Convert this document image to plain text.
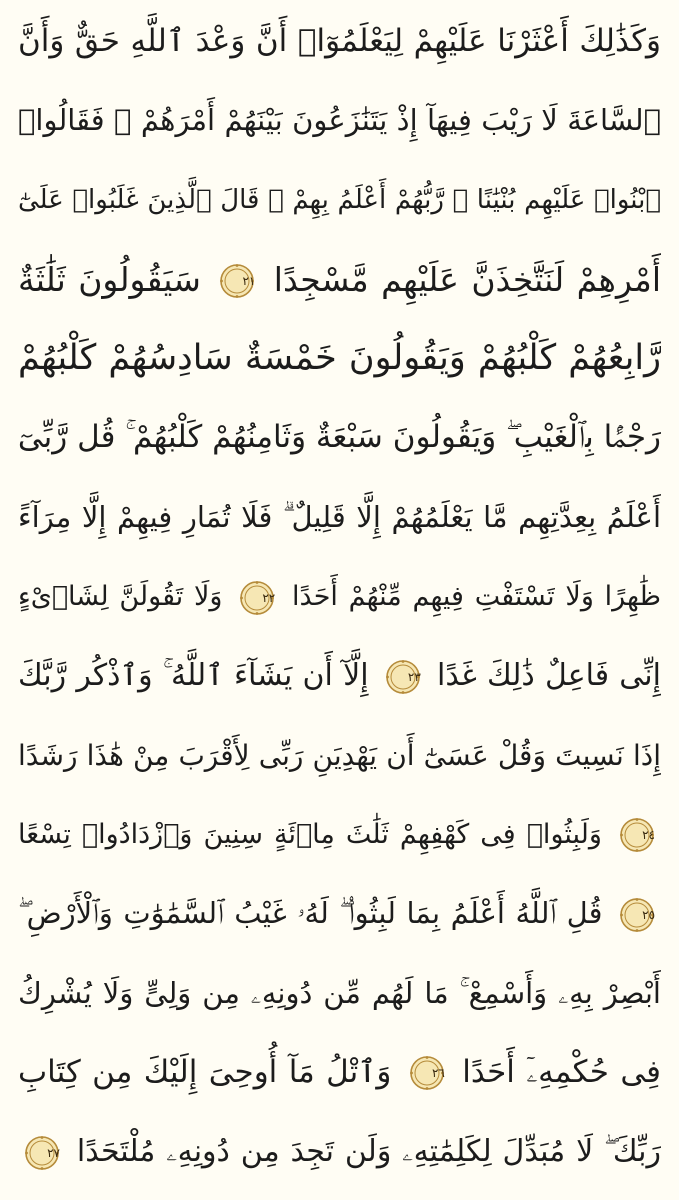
وَكَذَٰلِكَ أَعْثَرْنَا عَلَيْهِمْ لِيَعْلَمُوٓا۟ أَنَّ وَعْدَ ٱللَّهِ حَقٌّ وَأَنَّ
ٱلسَّاعَةَ لَا رَيْبَ فِيهَآ إِذْ يَتَنَٰزَعُونَ بَيْنَهُمْ أَمْرَهُمْ ۖ فَقَالُوا۟
ٱبْنُوا۟ عَلَيْهِم بُنْيَٰنًا ۖ رَّبُّهُمْ أَعْلَمُ بِهِمْ ۚ قَالَ ٱلَّذِينَ غَلَبُوا۟ عَلَىٰٓ
أَمْرِهِمْ لَنَتَّخِذَنَّ عَلَيْهِم مَّسْجِدًا
٢١
سَيَقُولُونَ ثَلَٰثَةٌ
رَّابِعُهُمْ كَلْبُهُمْ وَيَقُولُونَ خَمْسَةٌ سَادِسُهُمْ كَلْبُهُمْ
رَجْمًۢا بِٱلْغَيْبِ ۖ وَيَقُولُونَ سَبْعَةٌ وَثَامِنُهُمْ كَلْبُهُمْ ۚ قُل رَّبِّىٓ
أَعْلَمُ بِعِدَّتِهِم مَّا يَعْلَمُهُمْ إِلَّا قَلِيلٌ ۗ فَلَا تُمَارِ فِيهِمْ إِلَّا مِرَآءً
ظَٰهِرًا وَلَا تَسْتَفْتِ فِيهِم مِّنْهُمْ أَحَدًا
٢٢
وَلَا تَقُولَنَّ لِشَا۟ىْءٍ
إِنِّى فَاعِلٌ ذَٰلِكَ غَدًا
٢٣
إِلَّآ أَن يَشَآءَ ٱللَّهُ ۚ وَٱذْكُر رَّبَّكَ
إِذَا نَسِيتَ وَقُلْ عَسَىٰٓ أَن يَهْدِيَنِ رَبِّى لِأَقْرَبَ مِنْ هَٰذَا رَشَدًا
٢٤
وَلَبِثُوا۟ فِى كَهْفِهِمْ ثَلَٰثَ مِا۟ئَةٍ سِنِينَ وَٱزْدَادُوا۟ تِسْعًا
٢٥
قُلِ ٱللَّهُ أَعْلَمُ بِمَا لَبِثُوا۟ ۖ لَهُۥ غَيْبُ ٱلسَّمَٰوَٰتِ وَٱلْأَرْضِ ۖ
أَبْصِرْ بِهِۦ وَأَسْمِعْ ۚ مَا لَهُم مِّن دُونِهِۦ مِن وَلِىٍّ وَلَا يُشْرِكُ
فِى حُكْمِهِۦٓ أَحَدًا
٢٦
وَٱتْلُ مَآ أُوحِىَ إِلَيْكَ مِن كِتَابِ
رَبِّكَ ۖ لَا مُبَدِّلَ لِكَلِمَٰتِهِۦ وَلَن تَجِدَ مِن دُونِهِۦ مُلْتَحَدًا
٢٧
